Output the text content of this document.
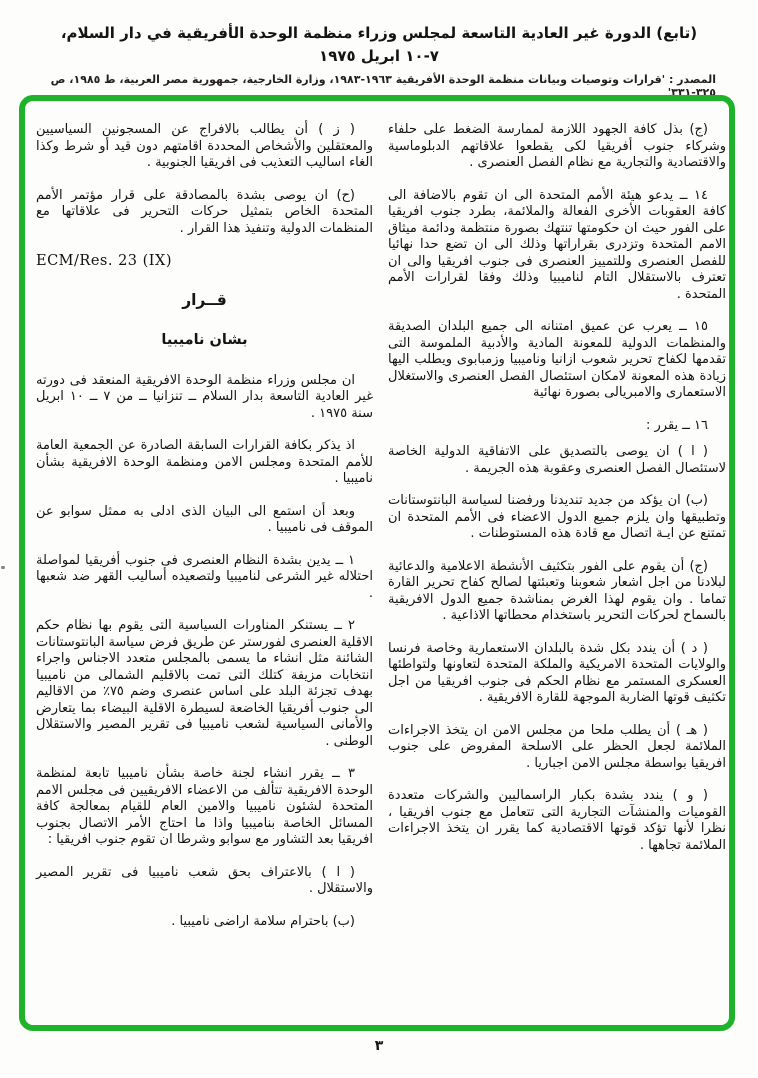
(تابع) الدورة غير العادية التاسعة لمجلس وزراء منظمة الوحدة الأفريقية في دار السلام، ٧-١٠ ابريل ١٩٧٥
المصدر : 'قرارات وتوصيات وبيانات منظمة الوحدة الأفريقية ١٩٦٣-١٩٨٣، وزارة الخارجية، جمهورية مصر العربية، ط ١٩٨٥، ص ٣٢٥-٣٣١'

(ج) بذل كافة الجهود اللازمة لممارسة الضغط على حلفاء وشركاء جنوب أفريقيا لكى يقطعوا علاقاتهم الدبلوماسية والاقتصادية والتجارية مع نظام الفصل العنصرى .

١٤ ــ يدعو هيئة الأمم المتحدة الى ان تقوم بالاضافة الى كافة العقوبات الأخرى الفعالة والملائمة، بطرد جنوب افريقيا على الفور حيث ان حكومتها تنتهك بصورة منتظمة ودائمة ميثاق الامم المتحدة وتزدرى بقراراتها وذلك الى ان تضع حدا نهائيا للفصل العنصرى وللتمييز العنصرى فى جنوب افريقيا والى ان تعترف بالاستقلال التام لناميبيا وذلك وفقا لقرارات الأمم المتحدة .

١٥ ــ يعرب عن عميق امتنانه الى جميع البلدان الصديقة والمنظمات الدولية للمعونة المادية والأدبية الملموسة التى تقدمها لكفاح تحرير شعوب ازانيا وناميبيا وزمبابوى ويطلب اليها زيادة هذه المعونة لامكان استئصال الفصل العنصرى والاستغلال الاستعمارى والامبريالى بصورة نهائية

١٦ ــ يقرر :

( ا ) ان يوصى بالتصديق على الاتفاقية الدولية الخاصة لاستئصال الفصل العنصرى وعقوبة هذه الجريمة .

(ب) ان يؤكد من جديد تنديدنا ورفضنا لسياسة البانتوستانات وتطبيقها وان يلزم جميع الدول الاعضاء فى الأمم المتحدة ان تمتنع عن ايـة اتصال مع قادة هذه المستوطنات .

(ج) أن يقوم على الفور بتكثيف الأنشطة الاعلامية والدعائية لبلادنا من اجل اشعار شعوبنا وتعبئتها لصالح كفاح تحرير القارة تماما . وان يقوم لهذا الغرض بمناشدة جميع الدول الافريقية بالسماح لحركات التحرير باستخدام محطاتها الاذاعية .

( د ) أن يندد بكل شدة بالبلدان الاستعمارية وخاصة فرنسا والولايات المتحدة الامريكية والملكة المتحدة لتعاونها ولتواطئها العسكرى المستمر مع نظام الحكم فى جنوب افريقيا من اجل تكثيف قوتها الضاربة الموجهة للقارة الافريقية .

( هـ ) أن يطلب ملحا من مجلس الامن ان يتخذ الاجراءات الملائمة لجعل الحظر على الاسلحة المفروض على جنوب افريقيا بواسطة مجلس الامن اجباريا .

( و ) يندد بشدة بكبار الراسماليين والشركات متعددة القوميات والمنشآت التجارية التى تتعامل مع جنوب افريقيا ، نظرا لأنها تؤكد قوتها الاقتصادية كما يقرر ان يتخذ الاجراءات الملائمة تجاهها .

( ز ) أن يطالب بالافراج عن المسجونين السياسيين والمعتقلين والأشخاص المحددة اقامتهم دون قيد أو شرط وكذا الغاء اساليب التعذيب فى افريقيا الجنوبية .

(ح) ان يوصى بشدة بالمصادقة على قرار مؤتمر الأمم المتحدة الخاص بتمثيل حركات التحرير فى علاقاتها مع المنظمات الدولية وتنفيذ هذا القرار .

ECM/Res. 23 (IX)
قــرار
بشان ناميبيا

ان مجلس وزراء منظمة الوحدة الافريقية المنعقد فى دورته غير العادية التاسعة بدار السلام ــ تنزانيا ــ من ٧ ــ ١٠ ابريل سنة ١٩٧٥ .

اذ يذكر بكافة القرارات السابقة الصادرة عن الجمعية العامة للأمم المتحدة ومجلس الامن ومنظمة الوحدة الافريقية بشأن ناميبيا .

وبعد أن استمع الى البيان الذى ادلى به ممثل سوابو عن الموقف فى ناميبيا .

١ ــ يدين بشدة النظام العنصرى فى جنوب أفريقيا لمواصلة احتلاله غير الشرعى لناميبيا ولتصعيده أساليب القهر ضد شعبها .

٢ ــ يستنكر المناورات السياسية التى يقوم بها نظام حكم الاقلية العنصرى لفورستر عن طريق فرض سياسة البانتوستانات الشائنة مثل انشاء ما يسمى بالمجلس متعدد الاجناس واجراء انتخابات مزيفة كتلك التى تمت بالاقليم الشمالى من ناميبيا بهدف تجزئة البلد على اساس عنصرى وضم ٧٥٪ من الاقاليم الى جنوب أفريقيا الخاضعة لسيطرة الاقلية البيضاء بما يتعارض والأمانى السياسية لشعب ناميبيا فى تقرير المصير والاستقلال الوطنى .

٣ ــ يقرر انشاء لجنة خاصة بشأن ناميبيا تابعة لمنظمة الوحدة الافريقية تتألف من الاعضاء الافريقيين فى مجلس الامم المتحدة لشئون ناميبيا والامين العام للقيام بمعالجة كافة المسائل الخاصة بناميبيا واذا ما احتاج الأمر الاتصال بجنوب افريقيا بعد التشاور مع سوابو وشرطا ان تقوم جنوب افريقيا :

( ا ) بالاعتراف بحق شعب ناميبيا فى تقرير المصير والاستقلال .

(ب) باحترام سلامة اراضى ناميبيا .

٣
